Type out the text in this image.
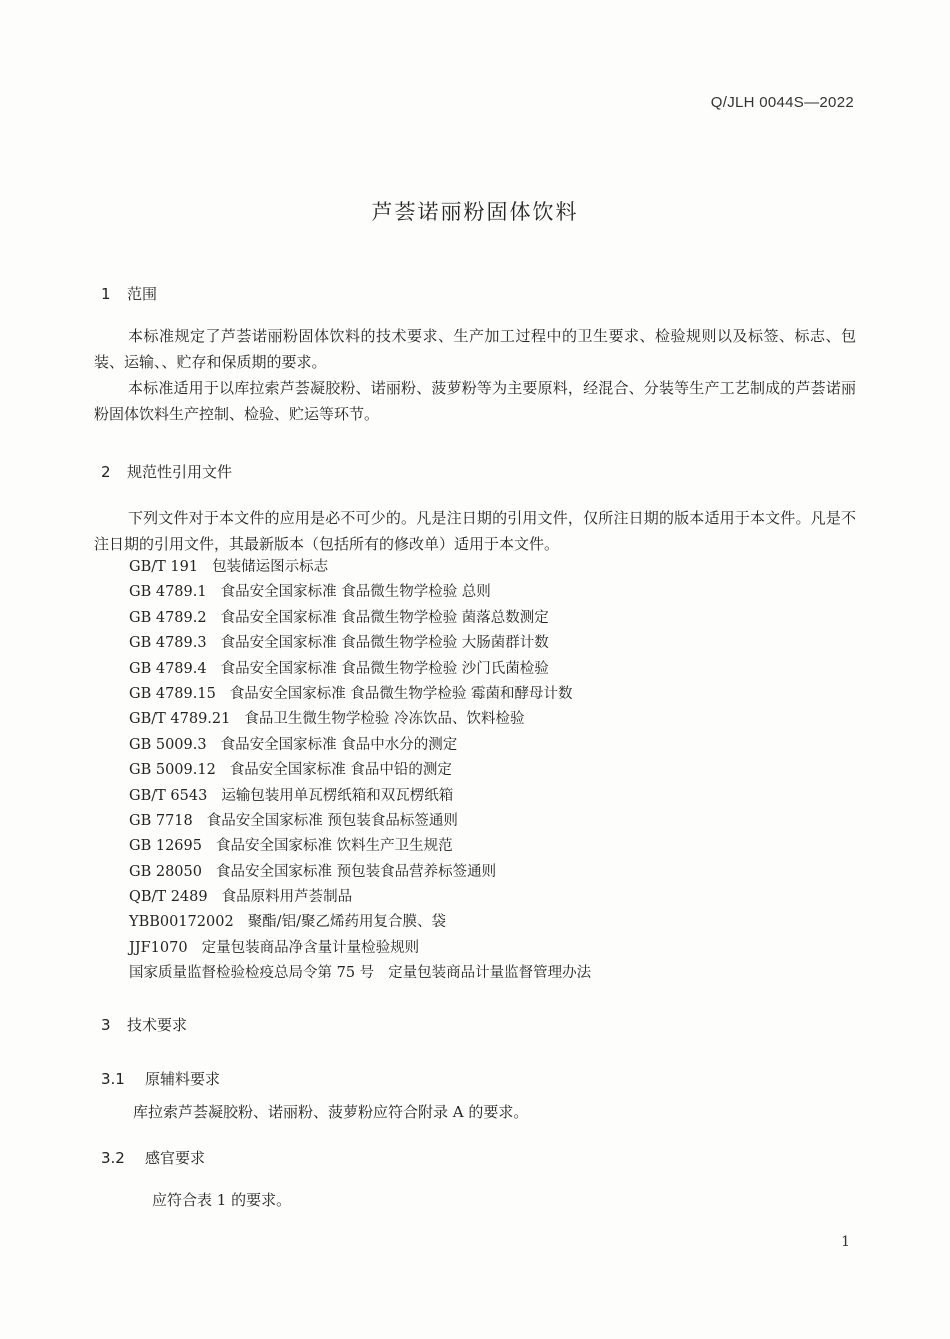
Q/JLH 0044S—2022
芦荟诺丽粉固体饮料
1 范围

本标准规定了芦荟诺丽粉固体饮料的技术要求、生产加工过程中的卫生要求、检验规则以及标签、标志、包装、运输、、贮存和保质期的要求。

本标准适用于以库拉索芦荟凝胶粉、诺丽粉、菠萝粉等为主要原料，经混合、分装等生产工艺制成的芦荟诺丽粉固体饮料生产控制、检验、贮运等环节。

2 规范性引用文件

下列文件对于本文件的应用是必不可少的。凡是注日期的引用文件，仅所注日期的版本适用于本文件。凡是不注日期的引用文件，其最新版本（包括所有的修改单）适用于本文件。

GB/T 191 包装储运图示标志
GB 4789.1 食品安全国家标准 食品微生物学检验 总则
GB 4789.2 食品安全国家标准 食品微生物学检验 菌落总数测定
GB 4789.3 食品安全国家标准 食品微生物学检验 大肠菌群计数
GB 4789.4 食品安全国家标准 食品微生物学检验 沙门氏菌检验
GB 4789.15 食品安全国家标准 食品微生物学检验 霉菌和酵母计数
GB/T 4789.21 食品卫生微生物学检验 冷冻饮品、饮料检验
GB 5009.3 食品安全国家标准 食品中水分的测定
GB 5009.12 食品安全国家标准 食品中铅的测定
GB/T 6543 运输包装用单瓦楞纸箱和双瓦楞纸箱
GB 7718 食品安全国家标准 预包装食品标签通则
GB 12695 食品安全国家标准 饮料生产卫生规范
GB 28050 食品安全国家标准 预包装食品营养标签通则
QB/T 2489 食品原料用芦荟制品
YBB00172002 聚酯/铝/聚乙烯药用复合膜、袋
JJF1070 定量包装商品净含量计量检验规则
国家质量监督检验检疫总局令第 75 号 定量包装商品计量监督管理办法
3 技术要求
3.1 原辅料要求

库拉索芦荟凝胶粉、诺丽粉、菠萝粉应符合附录 A 的要求。

3.2 感官要求

应符合表 1 的要求。

1
